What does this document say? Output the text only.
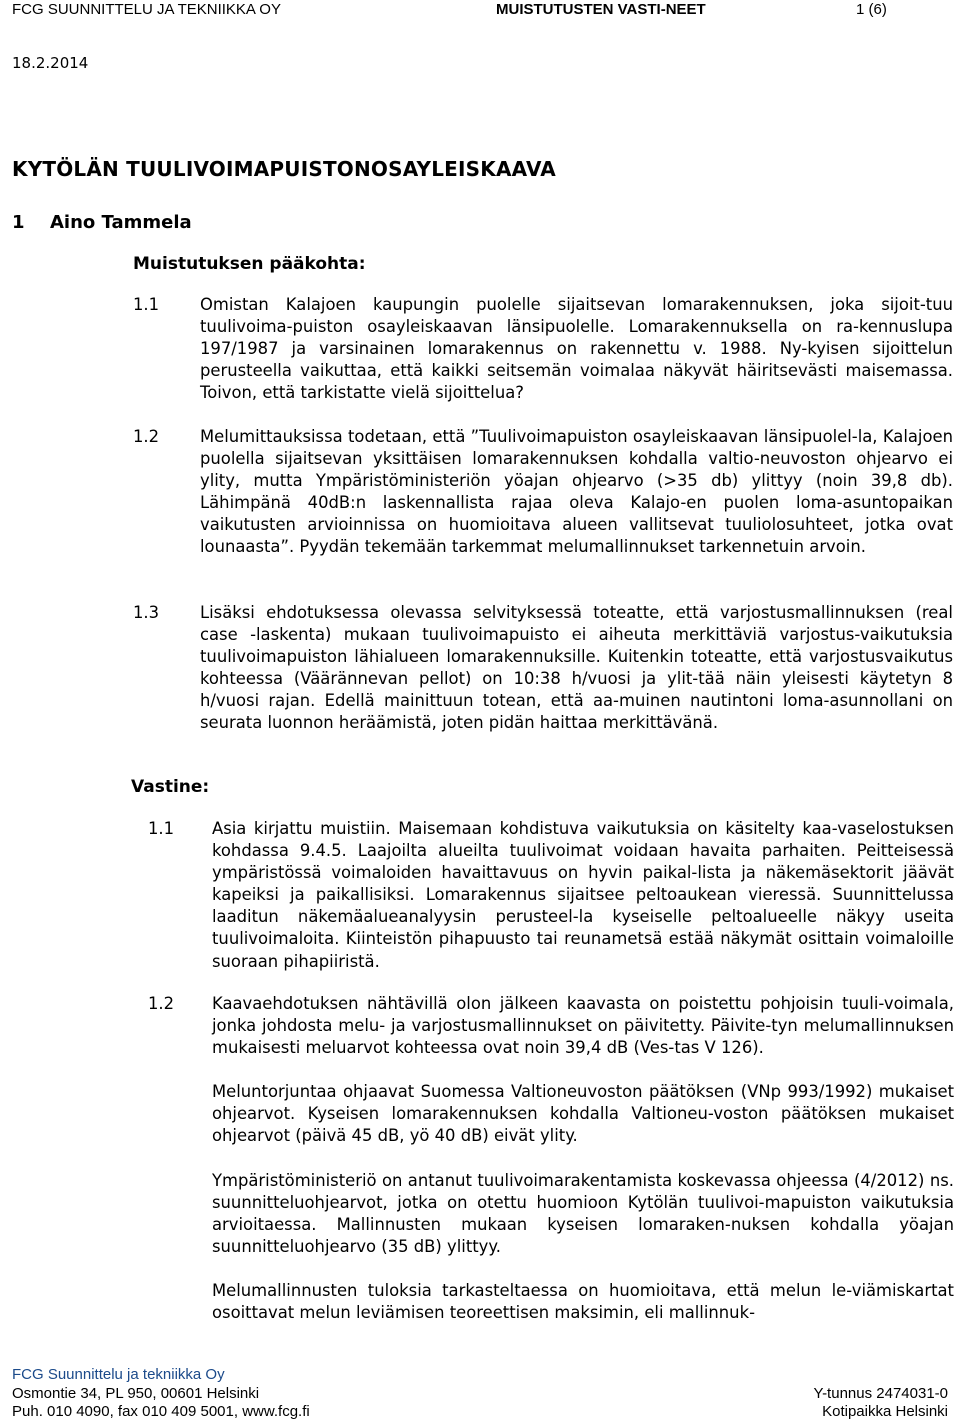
FCG SUUNNITTELU JA TEKNIIKKA OY	MUISTUTUSTEN VASTI-NEET	1 (6)
18.2.2014
KYTÖLÄN TUULIVOIMAPUISTONOSAYLEISKAAVA
1 Aino Tammela
Muistutuksen pääkohta:
1.1 Omistan Kalajoen kaupungin puolelle sijaitsevan lomarakennuksen, joka sijoit-tuu tuulivoima-puiston osayleiskaavan länsipuolelle. Lomarakennuksella on ra-kennuslupa 197/1987 ja varsinainen lomarakennus on rakennettu v. 1988. Ny-kyisen sijoittelun perusteella vaikuttaa, että kaikki seitsemän voimalaa näkyvät häiritsevästi maisemassa. Toivon, että tarkistatte vielä sijoittelua?

1.2 Melumittauksissa todetaan, että ”Tuulivoimapuiston osayleiskaavan länsipuolel-la, Kalajoen puolella sijaitsevan yksittäisen lomarakennuksen kohdalla valtio-neuvoston ohjearvo ei ylity, mutta Ympäristöministeriön yöajan ohjearvo (>35 db) ylittyy (noin 39,8 db). Lähimpänä 40dB:n laskennallista rajaa oleva Kalajo-en puolen loma-asuntopaikan vaikutusten arvioinnissa on huomioitava alueen vallitsevat tuuliolosuhteet, jotka ovat lounaasta”. Pyydän tekemään tarkemmat melumallinnukset tarkennetuin arvoin.

1.3 Lisäksi ehdotuksessa olevassa selvityksessä toteatte, että varjostusmallinnuksen (real case -laskenta) mukaan tuulivoimapuisto ei aiheuta merkittäviä varjostus-vaikutuksia tuulivoimapuiston lähialueen lomarakennuksille. Kuitenkin toteatte, että varjostusvaikutus kohteessa (Väärännevan pellot) on 10:38 h/vuosi ja ylit-tää näin yleisesti käytetyn 8 h/vuosi rajan. Edellä mainittuun totean, että aa-muinen nautintoni loma-asunnollani on seurata luonnon heräämistä, joten pidän haittaa merkittävänä.

Vastine:
1.1 Asia kirjattu muistiin. Maisemaan kohdistuva vaikutuksia on käsitelty kaa-vaselostuksen kohdassa 9.4.5. Laajoilta alueilta tuulivoimat voidaan havaita parhaiten. Peitteisessä ympäristössä voimaloiden havaittavuus on hyvin paikal-lista ja näkemäsektorit jäävät kapeiksi ja paikallisiksi. Lomarakennus sijaitsee peltoaukean vieressä. Suunnittelussa laaditun näkemäalueanalyysin perusteel-la kyseiselle peltoalueelle näkyy useita tuulivoimaloita. Kiinteistön pihapuusto tai reunametsä estää näkymät osittain voimaloille suoraan pihapiiristä.

1.2 Kaavaehdotuksen nähtävillä olon jälkeen kaavasta on poistettu pohjoisin tuuli-voimala, jonka johdosta melu- ja varjostusmallinnukset on päivitetty. Päivite-tyn melumallinnuksen mukaisesti meluarvot kohteessa ovat noin 39,4 dB (Ves-tas V 126).

Meluntorjuntaa ohjaavat Suomessa Valtioneuvoston päätöksen (VNp 993/1992) mukaiset ohjearvot. Kyseisen lomarakennuksen kohdalla Valtioneu-voston päätöksen mukaiset ohjearvot (päivä 45 dB, yö 40 dB) eivät ylity.

Ympäristöministeriö on antanut tuulivoimarakentamista koskevassa ohjeessa (4/2012) ns. suunnitteluohjearvot, jotka on otettu huomioon Kytölän tuulivoi-mapuiston vaikutuksia arvioitaessa. Mallinnusten mukaan kyseisen lomaraken-nuksen kohdalla yöajan suunnitteluohjearvo (35 dB) ylittyy.

Melumallinnusten tuloksia tarkasteltaessa on huomioitava, että melun le-viämiskartat osoittavat melun leviämisen teoreettisen maksimin, eli mallinnuk-

FCG Suunnittelu ja tekniikka Oy
Osmontie 34, PL 950, 00601 Helsinki	Y-tunnus 2474031-0
Puh. 010 4090, fax 010 409 5001, www.fcg.fi	Kotipaikka Helsinki
